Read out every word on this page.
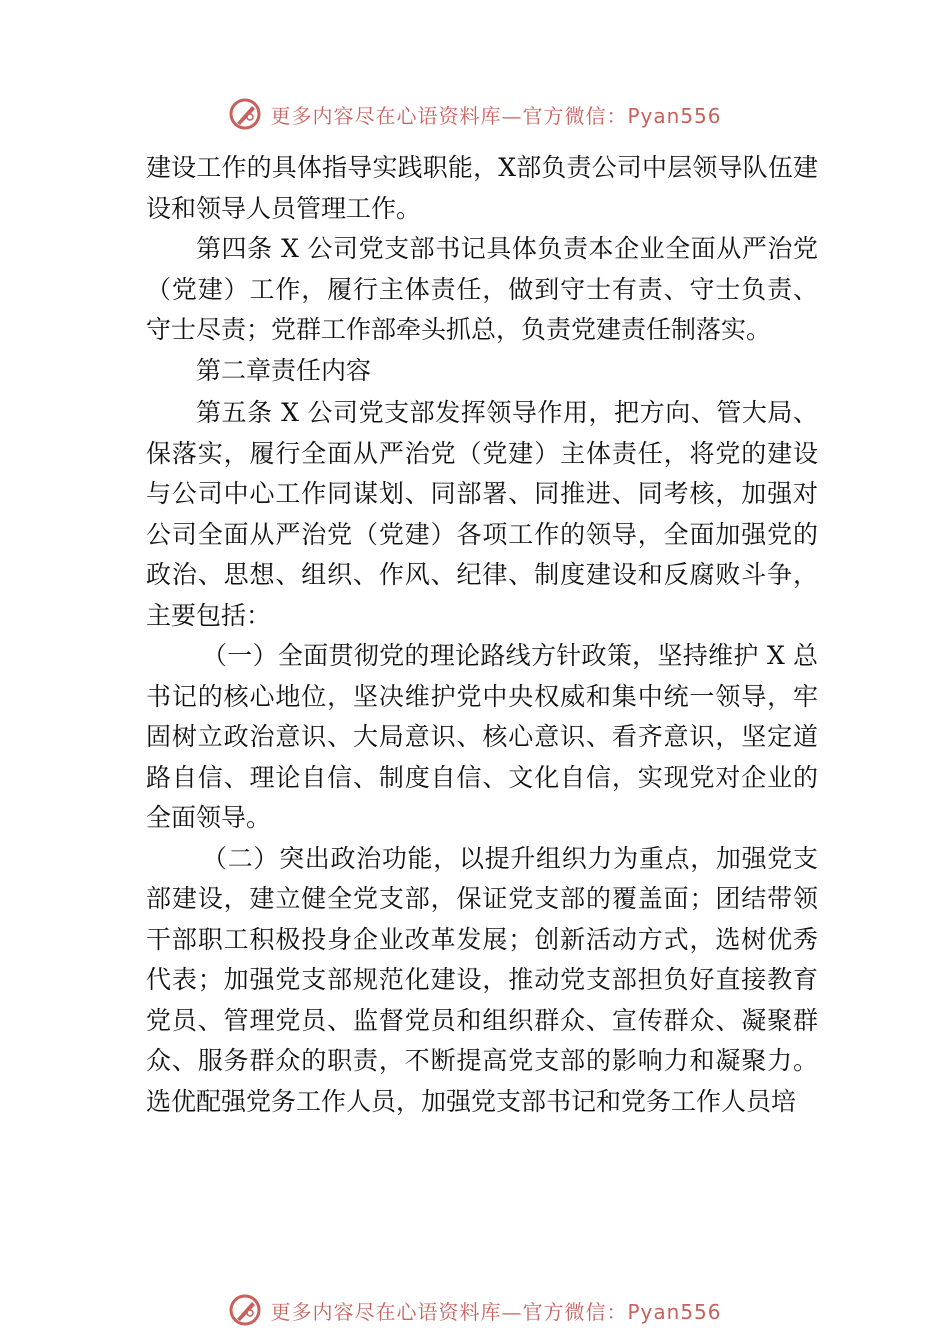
更多内容尽在心语资料库—官方微信：Pyan556

建设工作的具体指导实践职能，X部负责公司中层领导队伍建设和领导人员管理工作。

第四条 X 公司党支部书记具体负责本企业全面从严治党（党建）工作，履行主体责任，做到守士有责、守士负责、守士尽责；党群工作部牵头抓总，负责党建责任制落实。

第二章责任内容

第五条 X 公司党支部发挥领导作用，把方向、管大局、保落实，履行全面从严治党（党建）主体责任，将党的建设与公司中心工作同谋划、同部署、同推进、同考核，加强对公司全面从严治党（党建）各项工作的领导，全面加强党的政治、思想、组织、作风、纪律、制度建设和反腐败斗争， 主要包括：

（一）全面贯彻党的理论路线方针政策，坚持维护 X 总书记的核心地位，坚决维护党中央权威和集中统一领导，牢固树立政治意识、大局意识、核心意识、看齐意识，坚定道路自信、理论自信、制度自信、文化自信，实现党对企业的全面领导。

（二）突出政治功能，以提升组织力为重点，加强党支部建设，建立健全党支部，保证党支部的覆盖面；团结带领干部职工积极投身企业改革发展；创新活动方式，选树优秀代表；加强党支部规范化建设，推动党支部担负好直接教育党员、管理党员、监督党员和组织群众、宣传群众、凝聚群众、服务群众的职责，不断提高党支部的影响力和凝聚力。 选优配强党务工作人员，加强党支部书记和党务工作人员培

更多内容尽在心语资料库—官方微信：Pyan556
